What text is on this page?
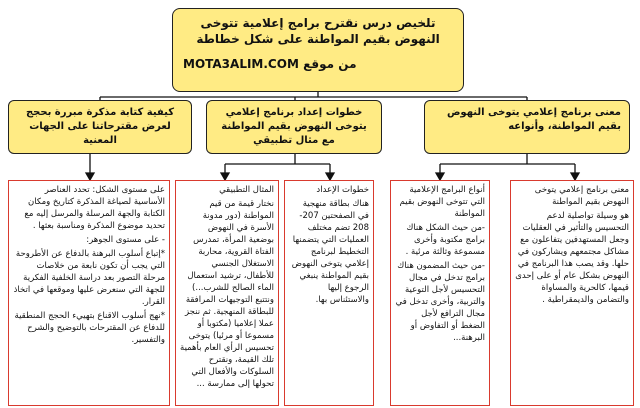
تلخيص درس نقترح برامج إعلامية تتوخى النهوض بقيم المواطنة على شكل خطاطة
من موقع MOTA3ALIM.COM
كيفية كتابة مذكرة مبررة بحجج لعرض مقترحاتنا على الجهات المعنية
خطوات إعداد برنامج إعلامي يتوخى النهوض بقيم المواطنة مع مثال تطبيقي
معنى برنامج إعلامي يتوخى النهوض بقيم المواطنة، وأنواعه

على مستوى الشكل: تحدد العناصر الأساسية لصياغة المذكرة كتاريخ ومكان الكتابة والجهة المرسلة والمرسل إليه مع تحديد موضوع المذكرة ومناسبة بعثها .

- على مستوى الجوهر:

*إتباع أسلوب البرهنة بالدفاع عن الأطروحة التي يجب أن تكون نابعة من خلاصات مرحلة التصور بعد دراسة الخلفية الفكرية للجهة التي سنعرض عليها وموقعها في اتخاذ القرار.

*نهج أسلوب الاقناع بتهييء الحجج المنطقية للدفاع عن المقترحات بالتوضيح والشرح والتفسير.

المثال التطبيقي

نختار قيمة من قيم المواطنة (دور مدونة الأسرة في النهوض بوضعية المرأة، تمدرس الفتاة القروية، محاربة الاستغلال الجنسي للأطفال، ترشيد استعمال الماء الصالح للشرب...) ونتتبع التوجيهات المرافقة للبطاقة المنهجية. ثم ننجز عملا إعلاميا (مكتوبا أو مسموعا أو مرئيا) يتوخى تحسيس الرأي العام بأهمية تلك القيمة، ونقترح السلوكات والأفعال التي تحولها إلى ممارسة ...

خطوات الإعداد

هناك بطاقة منهجية في الصفحتين 207-208 تضم مختلف العمليات التي يتضمنها التخطيط لبرنامج إعلامي يتوخى النهوض بقيم المواطنة ينبغي الرجوع إليها والاستئناس بها.

أنواع البرامج الإعلامية التي تتوخى النهوض بقيم المواطنة

-من حيث الشكل هناك برامج مكتوبة وأخرى مسموعة وثالثة مرئية .

-من حيث المضمون هناك برامج تدخل في مجال التحسيس لأجل التوعية والتربية، وأخرى تدخل في مجال الترافع لأجل الضغط أو التفاوض أو البرهنة...

معنى برنامج إعلامي يتوخى النهوض بقيم المواطنة

هو وسيلة تواصلية لدعم التحسيس والتأثير في العقليات وجعل المستهدفين يتفاعلون مع مشاكل مجتمعهم ويشاركون في حلها. وقد يصب هذا البرنامج في النهوض بشكل عام أو على إحدى قيمها، كالحرية والمساواة والتضامن والديمقراطية .
